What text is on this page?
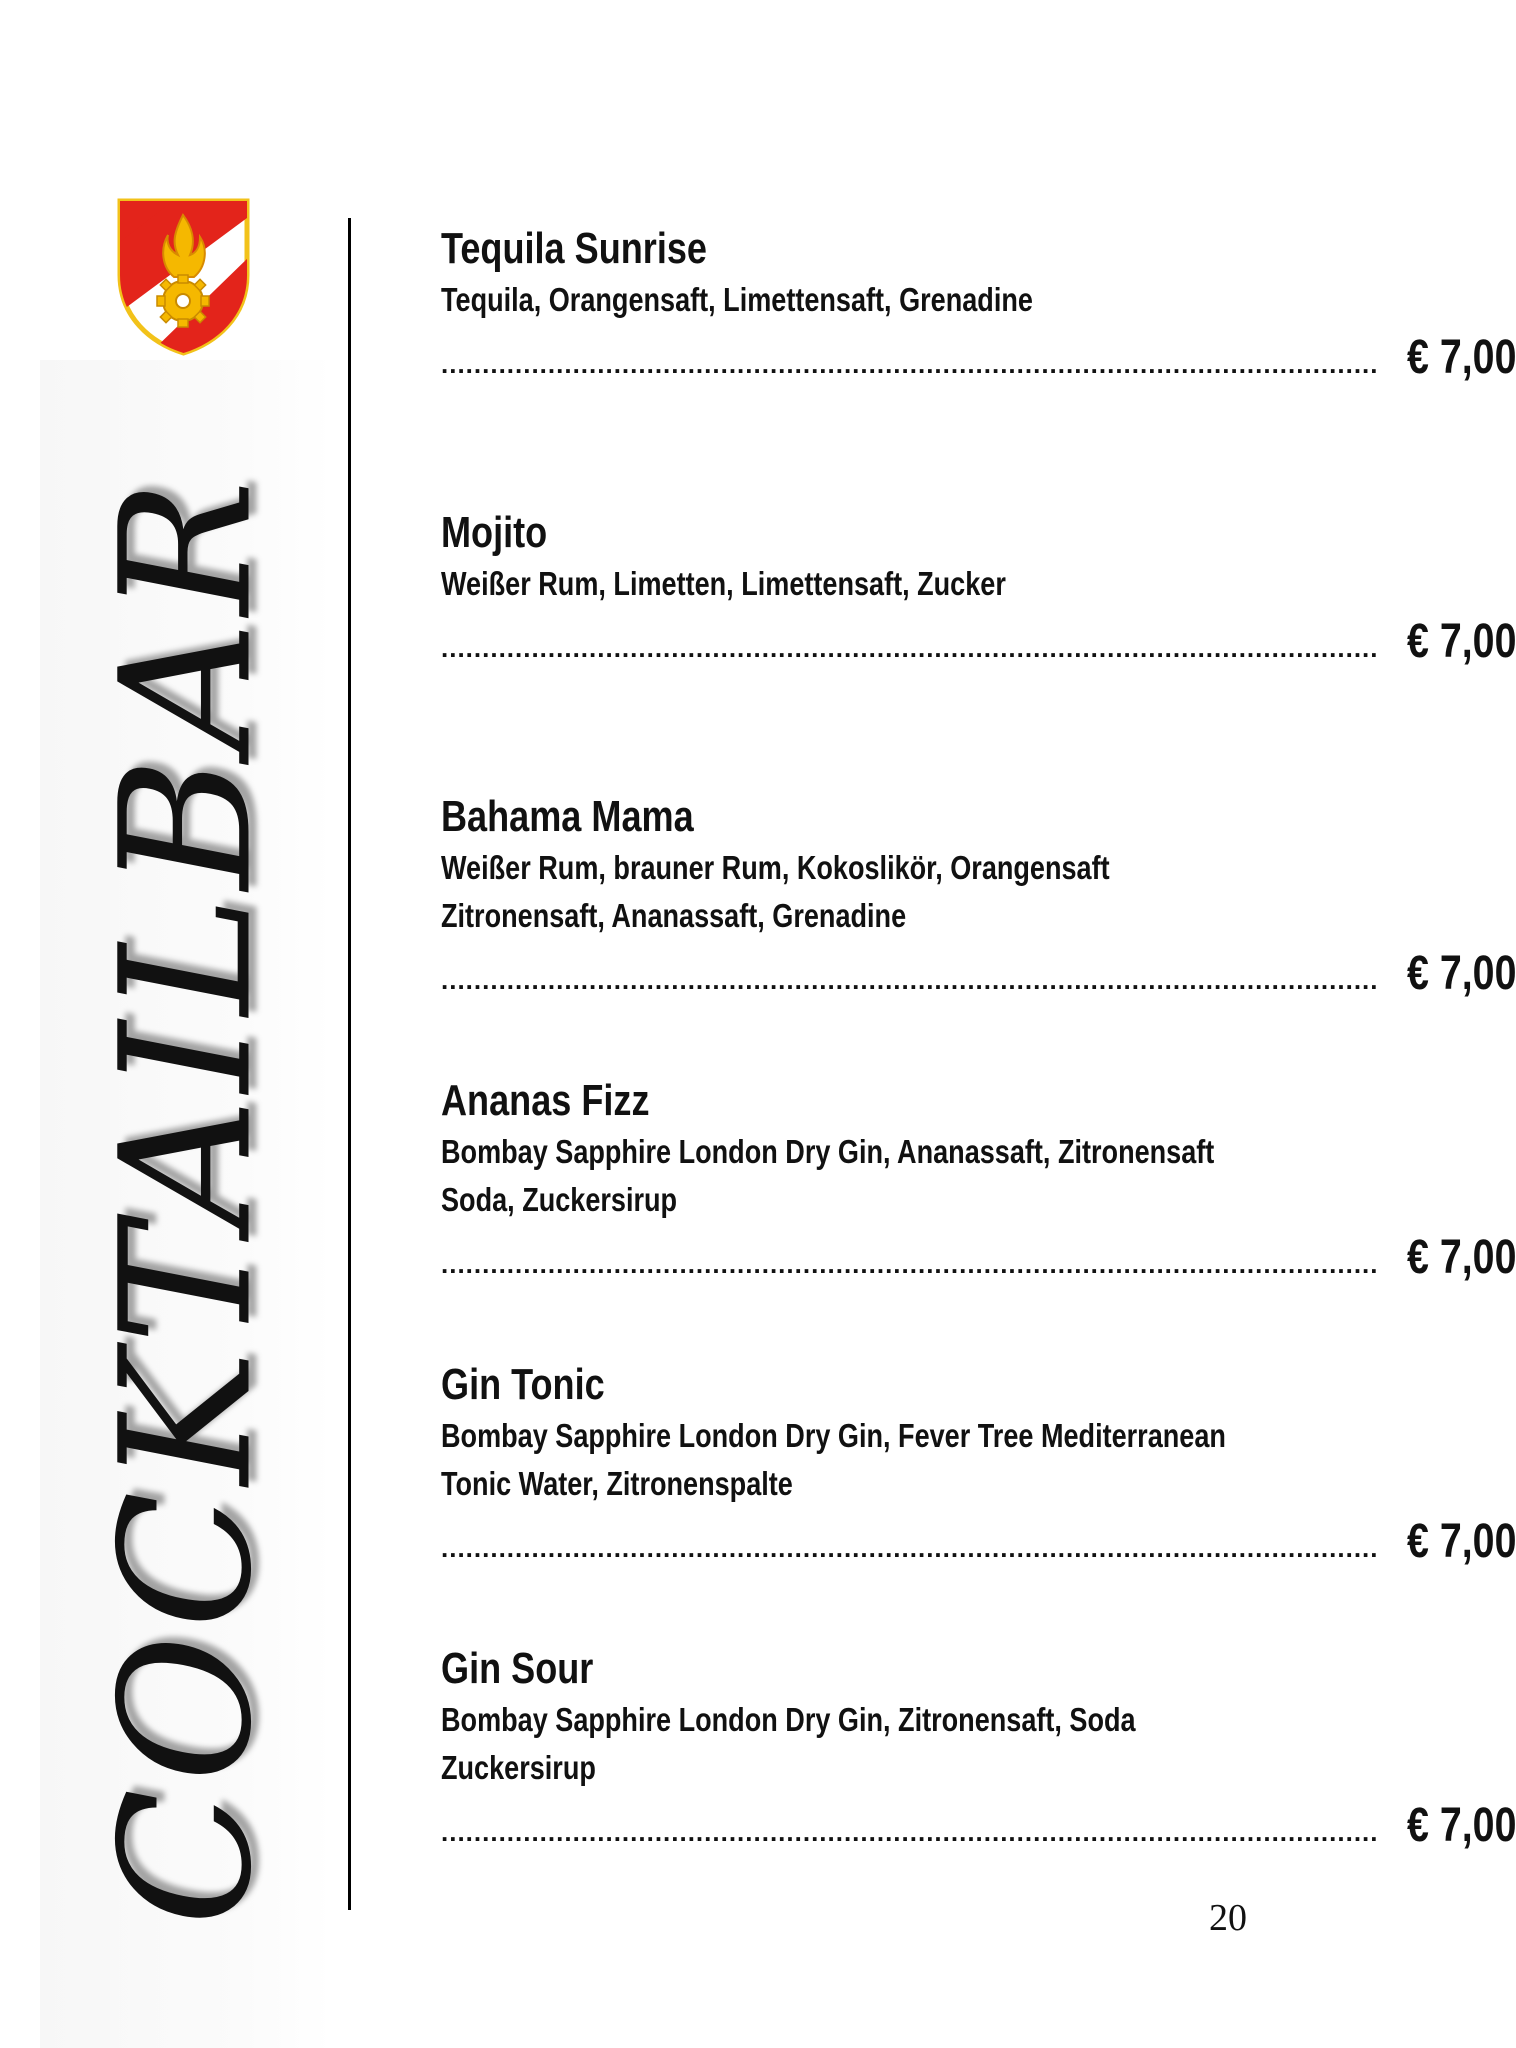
COCKTAILBAR

Tequila Sunrise

Tequila, Orangensaft, Limettensaft, Grenadine

.................................................................................................................. € 7,00

Mojito

Weißer Rum, Limetten, Limettensaft, Zucker

.................................................................................................................. € 7,00

Bahama Mama

Weißer Rum, brauner Rum, Kokoslikör, Orangensaft

Zitronensaft, Ananassaft, Grenadine

.................................................................................................................. € 7,00

Ananas Fizz

Bombay Sapphire London Dry Gin, Ananassaft, Zitronensaft

Soda, Zuckersirup

.................................................................................................................. € 7,00

Gin Tonic

Bombay Sapphire London Dry Gin, Fever Tree Mediterranean

Tonic Water, Zitronenspalte

.................................................................................................................. € 7,00

Gin Sour

Bombay Sapphire London Dry Gin, Zitronensaft, Soda

Zuckersirup

.................................................................................................................. € 7,00
20
